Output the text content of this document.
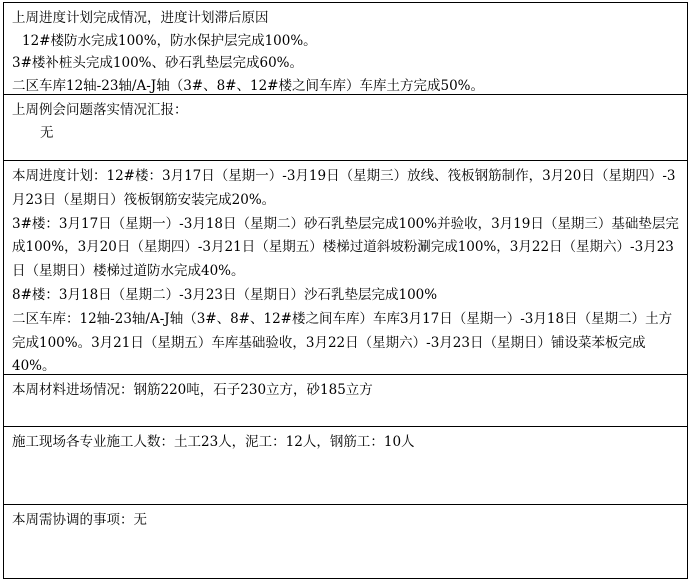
上周进度计划完成情况，进度计划滞后原因
12#楼防水完成100%，防水保护层完成100%。
3#楼补桩头完成100%、砂石乳垫层完成60%。
二区车库12轴-23轴/A-J轴（3#、8#、12#楼之间车库）车库土方完成50%。
上周例会问题落实情况汇报：
无
本周进度计划：12#楼：3月17日（星期一）-3月19日（星期三）放线、筏板钢筋制作，3月20日（星期四）-3月23日（星期日）筏板钢筋安装完成20%。
3#楼：3月17日（星期一）-3月18日（星期二）砂石乳垫层完成100%并验收，3月19日（星期三）基础垫层完成100%，3月20日（星期四）-3月21日（星期五）楼梯过道斜坡粉涮完成100%，3月22日（星期六）-3月23日（星期日）楼梯过道防水完成40%。
8#楼：3月18日（星期二）-3月23日（星期日）沙石乳垫层完成100%
二区车库：12轴-23轴/A-J轴（3#、8#、12#楼之间车库）车库3月17日（星期一）-3月18日（星期二）土方完成100%。3月21日（星期五）车库基础验收，3月22日（星期六）-3月23日（星期日）铺设菜苯板完成40%。
本周材料进场情况：钢筋220吨，石子230立方，砂185立方
施工现场各专业施工人数：土工23人，泥工：12人，钢筋工：10人
本周需协调的事项：无
